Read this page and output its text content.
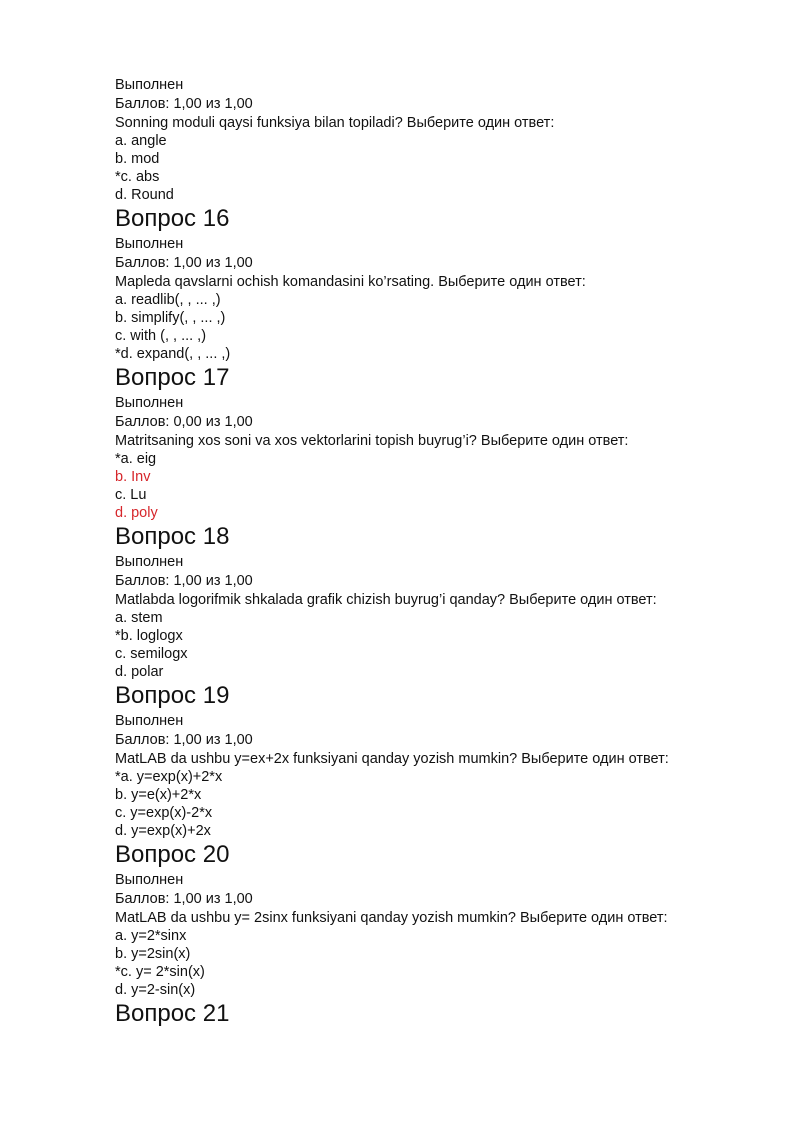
Выполнен
Баллов: 1,00 из 1,00
Sonning moduli qaysi funksiya bilan topiladi? Выберите один ответ:
a. angle
b. mod
*c. abs
d. Round
Вопрос 16
Выполнен
Баллов: 1,00 из 1,00
Mapleda qavslarni ochish komandasini ko’rsating. Выберите один ответ:
a. readlib(, , ... ,)
b. simplify(, , ... ,)
c. with (, , ... ,)
*d. expand(, , ... ,)
Вопрос 17
Выполнен
Баллов: 0,00 из 1,00
Matritsaning xos soni va xos vektorlarini topish buyrug’i? Выберите один ответ:
*a. eig
b. Inv
c. Lu
d. poly
Вопрос 18
Выполнен
Баллов: 1,00 из 1,00
Matlabda logorifmik shkalada grafik chizish buyrug’i qanday? Выберите один ответ:
a. stem
*b. loglogx
c. semilogx
d. polar
Вопрос 19
Выполнен
Баллов: 1,00 из 1,00
MatLAB da ushbu y=ex+2x funksiyani qanday yozish mumkin? Выберите один ответ:
*a. y=exp(x)+2*x
b. y=e(x)+2*x
c. y=exp(x)-2*x
d. y=exp(x)+2x
Вопрос 20
Выполнен
Баллов: 1,00 из 1,00
MatLAB da ushbu y= 2sinx funksiyani qanday yozish mumkin? Выберите один ответ:
a. y=2*sinx
b. y=2sin(x)
*c. y= 2*sin(x)
d. y=2-sin(x)
Вопрос 21
